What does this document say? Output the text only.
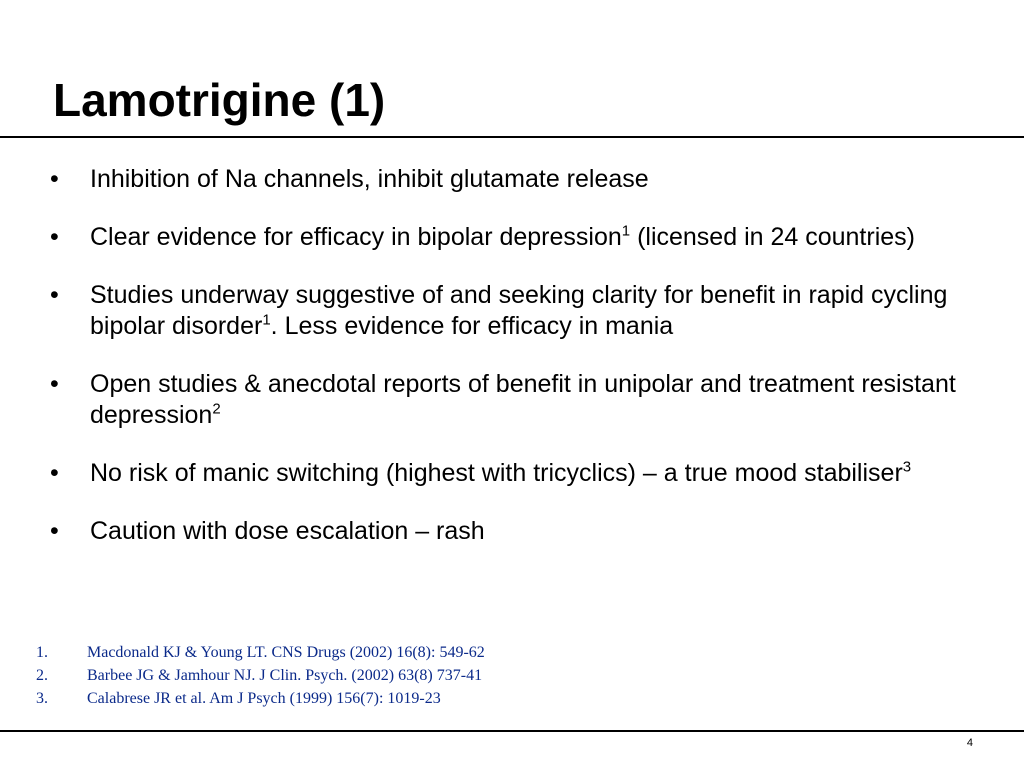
Lamotrigine (1)
•	Inhibition of Na channels, inhibit glutamate release
•	Clear evidence for efficacy in bipolar depression$^1$ (licensed in 24 countries)
•	Studies underway suggestive of and seeking clarity for benefit in rapid cycling bipolar disorder$^1$. Less evidence for efficacy in mania
•	Open studies & anecdotal reports of benefit in unipolar and treatment resistant depression$^2$
•	No risk of manic switching (highest with tricyclics) – a true mood stabiliser$^3$
•	Caution with dose escalation – rash
1. Macdonald KJ & Young LT. CNS Drugs (2002) 16(8): 549-62
2. Barbee JG & Jamhour NJ. J Clin. Psych. (2002) 63(8) 737-41
3. Calabrese JR et al. Am J Psych (1999) 156(7): 1019-23
4
